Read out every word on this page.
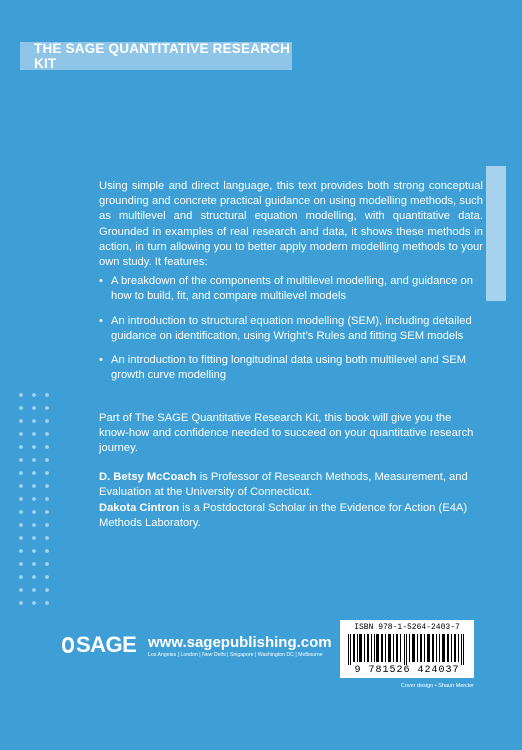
THE SAGE QUANTITATIVE RESEARCH KIT

Using simple and direct language, this text provides both strong conceptual grounding and concrete practical guidance on using modelling methods, such as multilevel and structural equation modelling, with quantitative data. Grounded in examples of real research and data, it shows these methods in action, in turn allowing you to better apply modern modelling methods to your own study. It features:

• A breakdown of the components of multilevel modelling, and guidance on how to build, fit, and compare multilevel models
• An introduction to structural equation modelling (SEM), including detailed guidance on identification, using Wright’s Rules and fitting SEM models
• An introduction to fitting longitudinal data using both multilevel and SEM growth curve modelling

Part of The SAGE Quantitative Research Kit, this book will give you the know-how and confidence needed to succeed on your quantitative research journey.

D. Betsy McCoach is Professor of Research Methods, Measurement, and Evaluation at the University of Connecticut.

Dakota Cintron is a Postdoctoral Scholar in the Evidence for Action (E4A) Methods Laboratory.

SAGE www.sagepublishing.com
Los Angeles | London | New Delhi | Singapore | Washington DC | Melbourne
ISBN 978-1-5264-2403-7
9 781526 424037
Cover design • Shaun Mercier
